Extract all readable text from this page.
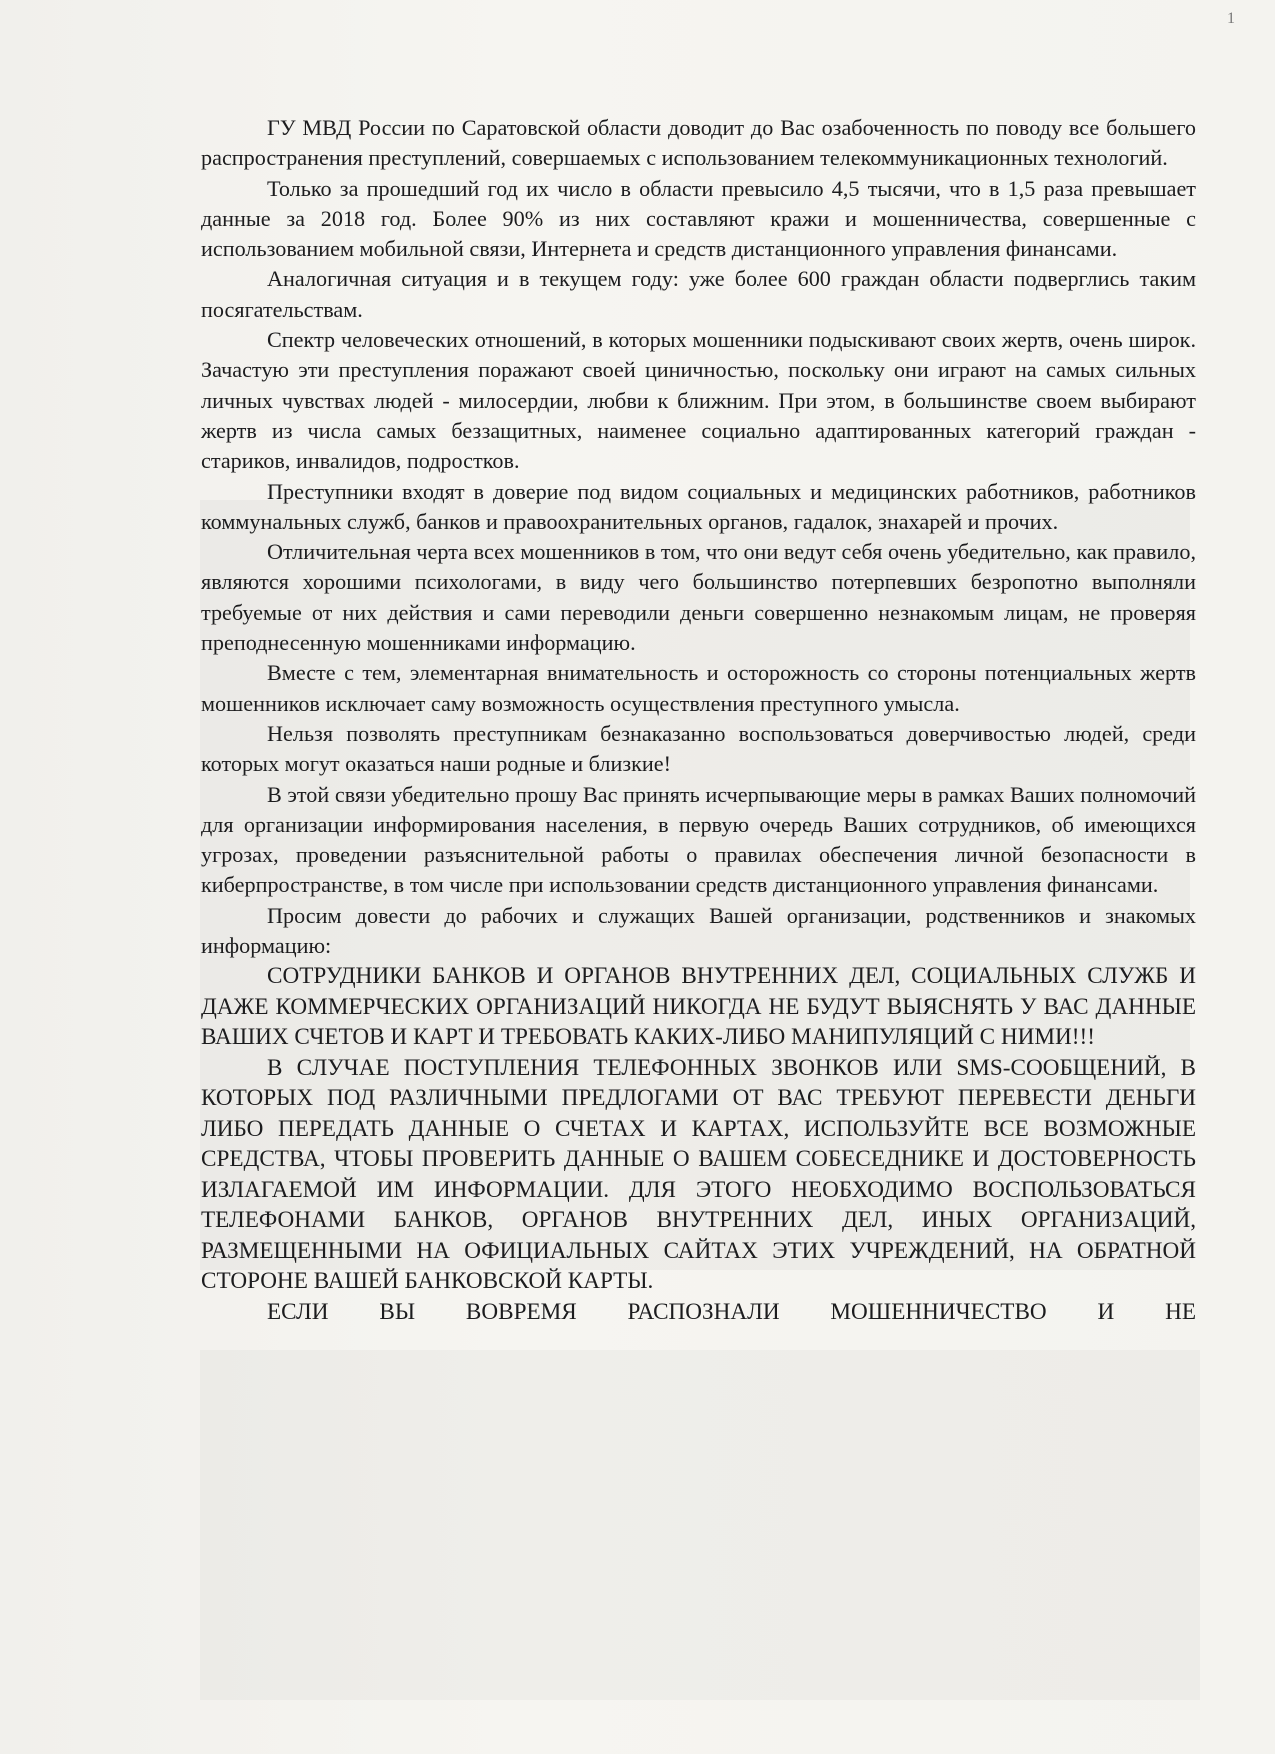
1

ГУ МВД России по Саратовской области доводит до Вас озабоченность по поводу все большего распространения преступлений, совершаемых с использованием телекоммуникационных технологий.

Только за прошедший год их число в области превысило 4,5 тысячи, что в 1,5 раза превышает данные за 2018 год. Более 90% из них составляют кражи и мошенничества, совершенные с использованием мобильной связи, Интернета и средств дистанционного управления финансами.

Аналогичная ситуация и в текущем году: уже более 600 граждан области подверглись таким посягательствам.

Спектр человеческих отношений, в которых мошенники подыскивают своих жертв, очень широк. Зачастую эти преступления поражают своей циничностью, поскольку они играют на самых сильных личных чувствах людей - милосердии, любви к ближним. При этом, в большинстве своем выбирают жертв из числа самых беззащитных, наименее социально адаптированных категорий граждан - стариков, инвалидов, подростков.

Преступники входят в доверие под видом социальных и медицинских работников, работников коммунальных служб, банков и правоохранительных органов, гадалок, знахарей и прочих.

Отличительная черта всех мошенников в том, что они ведут себя очень убедительно, как правило, являются хорошими психологами, в виду чего большинство потерпевших безропотно выполняли требуемые от них действия и сами переводили деньги совершенно незнакомым лицам, не проверяя преподнесенную мошенниками информацию.

Вместе с тем, элементарная внимательность и осторожность со стороны потенциальных жертв мошенников исключает саму возможность осуществления преступного умысла.

Нельзя позволять преступникам безнаказанно воспользоваться доверчивостью людей, среди которых могут оказаться наши родные и близкие!

В этой связи убедительно прошу Вас принять исчерпывающие меры в рамках Ваших полномочий для организации информирования населения, в первую очередь Ваших сотрудников, об имеющихся угрозах, проведении разъяснительной работы о правилах обеспечения личной безопасности в киберпространстве, в том числе при использовании средств дистанционного управления финансами.

Просим довести до рабочих и служащих Вашей организации, родственников и знакомых информацию:

СОТРУДНИКИ БАНКОВ И ОРГАНОВ ВНУТРЕННИХ ДЕЛ, СОЦИАЛЬНЫХ СЛУЖБ И ДАЖЕ КОММЕРЧЕСКИХ ОРГАНИЗАЦИЙ НИКОГДА НЕ БУДУТ ВЫЯСНЯТЬ У ВАС ДАННЫЕ ВАШИХ СЧЕТОВ И КАРТ И ТРЕБОВАТЬ КАКИХ-ЛИБО МАНИПУЛЯЦИЙ С НИМИ!!!

В СЛУЧАЕ ПОСТУПЛЕНИЯ ТЕЛЕФОННЫХ ЗВОНКОВ ИЛИ SMS-СООБЩЕНИЙ, В КОТОРЫХ ПОД РАЗЛИЧНЫМИ ПРЕДЛОГАМИ ОТ ВАС ТРЕБУЮТ ПЕРЕВЕСТИ ДЕНЬГИ ЛИБО ПЕРЕДАТЬ ДАННЫЕ О СЧЕТАХ И КАРТАХ, ИСПОЛЬЗУЙТЕ ВСЕ ВОЗМОЖНЫЕ СРЕДСТВА, ЧТОБЫ ПРОВЕРИТЬ ДАННЫЕ О ВАШЕМ СОБЕСЕДНИКЕ И ДОСТОВЕРНОСТЬ ИЗЛАГАЕМОЙ ИМ ИНФОРМАЦИИ. ДЛЯ ЭТОГО НЕОБХОДИМО ВОСПОЛЬЗОВАТЬСЯ ТЕЛЕФОНАМИ БАНКОВ, ОРГАНОВ ВНУТРЕННИХ ДЕЛ, ИНЫХ ОРГАНИЗАЦИЙ, РАЗМЕЩЕННЫМИ НА ОФИЦИАЛЬНЫХ САЙТАХ ЭТИХ УЧРЕЖДЕНИЙ, НА ОБРАТНОЙ СТОРОНЕ ВАШЕЙ БАНКОВСКОЙ КАРТЫ.

ЕСЛИ ВЫ ВОВРЕМЯ РАСПОЗНАЛИ МОШЕННИЧЕСТВО И НЕ
